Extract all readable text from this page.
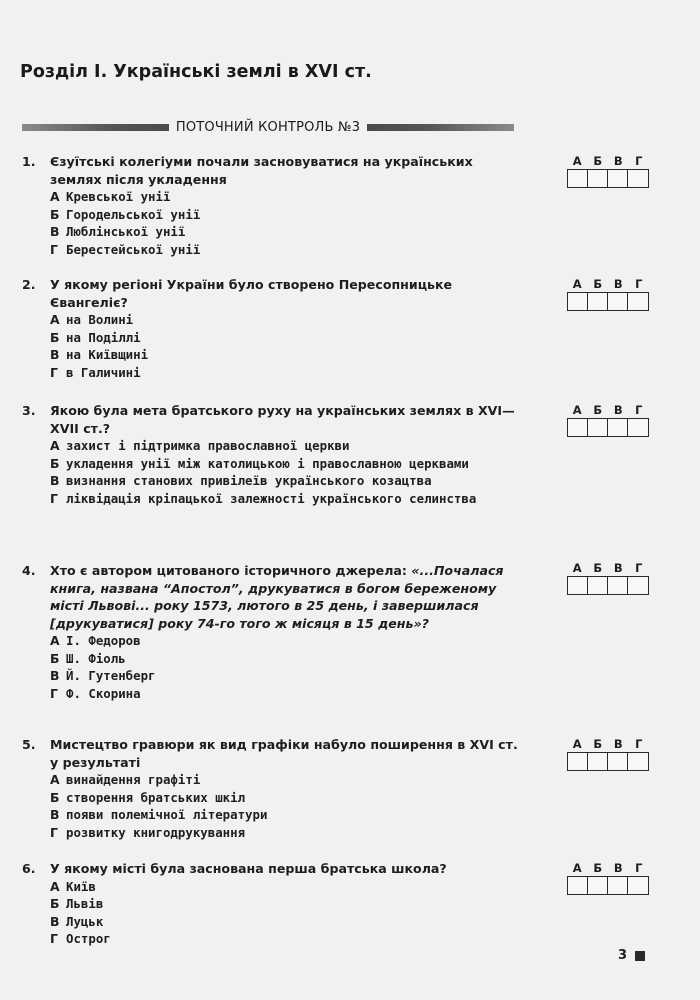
Розділ І. Українські землі в XVI ст.
ПОТОЧНИЙ КОНТРОЛЬ №3
1.	Єзуїтські колегіуми почали засновуватися на українських землях після укладення
А Кревської унії
Б Городельської унії
В Люблінської унії
Г Берестейської унії
А	Б	В	Г
2.	У якому регіоні України було створено Пересопницьке Євангеліє?
А на Волині
Б на Поділлі
В на Київщині
Г в Галичині
А	Б	В	Г
3.	Якою була мета братського руху на українських землях в XVI—XVII ст.?
А захист і підтримка православної церкви
Б укладення унії між католицькою і православною церквами
В визнання станових привілеїв українського козацтва
Г ліквідація кріпацької залежності українського селинства
А	Б	В	Г
4.	Хто є автором цитованого історичного джерела: «...Почалася книга, названа “Апостол”, друкуватися в богом береженому місті Львові... року 1573, лютого в 25 день, і завершилася [друкуватися] року 74-го того ж місяця в 15 день»?
А І. Федоров
Б Ш. Фіоль
В Й. Гутенберг
Г Ф. Скорина
А	Б	В	Г
5.	Мистецтво гравюри як вид графіки набуло поширення в XVI ст. у результаті
А винайдення графіті
Б створення братських шкіл
В появи полемічної літератури
Г розвитку книгодрукування
А	Б	В	Г
6.	У якому місті була заснована перша братська школа?
А Київ
Б Львів
В Луцьк
Г Острог
А	Б	В	Г
3
